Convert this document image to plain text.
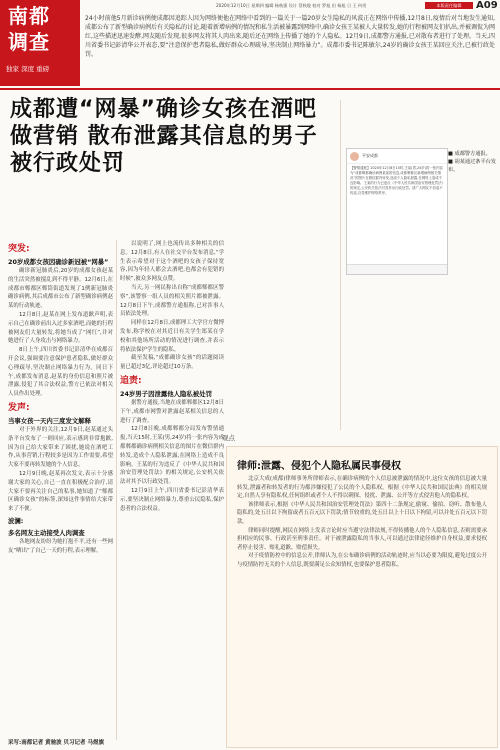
南都
调查
独家 深度 重磅
2020年12月10日 星期四 编辑 杨秋强 设计 蔡秋俊 校对 罗旭 田 杨旭 日 王 何贵	本版责任编辑	A09
24小时前他5月新诊病例便成都因追踪人因为网络便他在网络中看到的一篇关于一篇20岁女生隐私的风波正在网络中传播,12月8日,疫情后对当地发生通知,成都公布了新型确诊病例后有关隐私的讨论,随着新增病例的情况和私生活被暴露到网络中,确诊女孩王某被人大量转发,她的行程被网友们扒出,并被调侃为网红,这些描述迅速发酵,网友随后发现,很多网友将其人肉出来,随后还在网络上传播了她的个人隐私。12月9日,成都警方通报,已对散布者进行了处理。当天,四川省委书记彭清华公开表态,要“注意保护患者隐私,做好群众心理疏导,坚决制止网络暴力”。成都市委书记陈敏尔,24岁的确诊女孩王某回应关注,已被行政处罚。
成都遭“网暴”确诊女孩在酒吧做营销 散布泄露其信息的男子被行政处罚	平安成都
【警情通报】2020年12月8日15时,王某(男,24岁)将一张内容为“成都郫都确诊病例某某的信息,成都郫都区新增病例相关情况”的图片在微信群内转发,造成个人隐私泄露,在网络上造成不良影响。王某的行为已违反《中华人民共和国治安管理处罚法》的规定,公安机关依法对其作出行政处罚。请广大网友不信谣不传谣,自觉维护网络秩序。
■ 成都警方通报。
■ 胡某通过条平台发布。
突发:
20岁成都女孩因确诊新冠被“网暴”

确诊新冠肺炎后,20岁的成都女孩赵某的生活突然被搅乱到不得平静。12月6日,在成都市郫都区郫筒街道发现了1例新冠肺炎确诊病例,其后成都市公布了新型确诊病例赵某的行动轨迹。

12月8日,赵某在网上发布道歉声明,表示自己在确诊前出入过多家酒吧,而她的行程被网友们大量转发,将她当成了“网红”,并对她进行了人身攻击与网络暴力。

8日上午,四川省委书记彭清华在成都召开会议,强调要注意保护患者隐私,做好群众心理疏导,坚决制止网络暴力行为。同日下午,成都发布消息,赵某的身份信息和照片被泄露,侵犯了其合法权益,警方已依法对相关人员作出处理。

发声:
当事女孩一天内三度发文解释

对于外界的关注,12月9日,赵某通过头条平台发布了一则回应,表示感到非常抱歉,因为自己给大家带来了困扰,她说在酒吧工作,从事营销,行程较多是因为工作需要,希望大家不要再转发她的个人信息。

12月9日晚,赵某再次发文,表示十分感谢大家的关心,自己一直在积极配合治疗,请大家不要再关注自己的私事,她知道了“郫都区确诊女孩”的标签,深知这件事情给大家带来了不便。

波澜:
多名网友主动接受人肉调查

各地网友纷纷为她打抱不平,还有一些网友“晒出”了自己一天的行程,表示理解。

以说明了,网上也流传出多种相关的信息。12月8日,有人在社交平台发布消息,“学生表示希望对于这个酒吧的女孩子保持宽容,因为年轻人都会去酒吧,也都会有犯错的时候”,被众多网友点赞。

当天,另一网民称出自称“成都郫都区警察”,该警察一组人员的相关照片都被泄露。12月8日下午,成都警方通报称,已对涉事人员依法处理。

同样在12月8日,成都理工大学官方微博发布,称学校在对其近日有关学生郑某在学校和其他场所活动的情况进行调查,并表示将依法保护学生的隐私。

截至发稿,“成都确诊女孩”的话题阅读量已超过3亿,评论超过10万条。

追责:
24岁男子因泄露他人隐私被处罚

据警方通报,当地在成都郫都区12月8日下午,成都市网警对泄露赵某相关信息的人进行了调查。

12月8日晚,成都郫都分局发布警情通报,当天15时,王某(男,24岁)将一张内容为成都郫都确诊病例相关信息的图片在微信群内转发,造成个人隐私泄露,在网络上造成不良影响。王某的行为违反了《中华人民共和国治安管理处罚法》的相关规定,公安机关依法对其予以行政处罚。

12月9日上午,四川省委书记彭清华表示,要坚决制止网络暴力,尊重公民隐私,保护患者的合法权益。

观点
律师:泄露、侵犯个人隐私属民事侵权

北京大成(成都)律师事务所律师表示,在确诊病例的个人信息被泄露的情况中,这位女孩的信息被大量转发,泄露者和转发者的行为都涉嫌侵犯了公民的个人隐私权。根据《中华人民共和国民法典》的相关规定,自然人享有隐私权,任何组织或者个人不得以刺探、侵扰、泄露、公开等方式侵害他人的隐私权。

该律师表示,根据《中华人民共和国治安管理处罚法》第四十二条规定,偷窥、偷拍、窃听、散布他人隐私的,处五日以下拘留或者五百元以下罚款;情节较重的,处五日以上十日以下拘留,可以并处五百元以下罚款。

律师同时提醒,网民在网络上发表言论时应当遵守法律法规,不得传播他人的个人隐私信息,否则需要承担相应的民事、行政甚至刑事责任。对于被泄露隐私的当事人,可以通过法律途径维护自身权益,要求侵权者停止侵害、赔礼道歉、赔偿损失。

对于疫情防控中的信息公开,律师认为,在公布确诊病例的活动轨迹时,应当以必要为限度,避免过度公开与疫情防控无关的个人信息,既要满足公众知情权,也要保护患者隐私。

采写:南都记者 黄驰波 贝习记者 马煜旗
